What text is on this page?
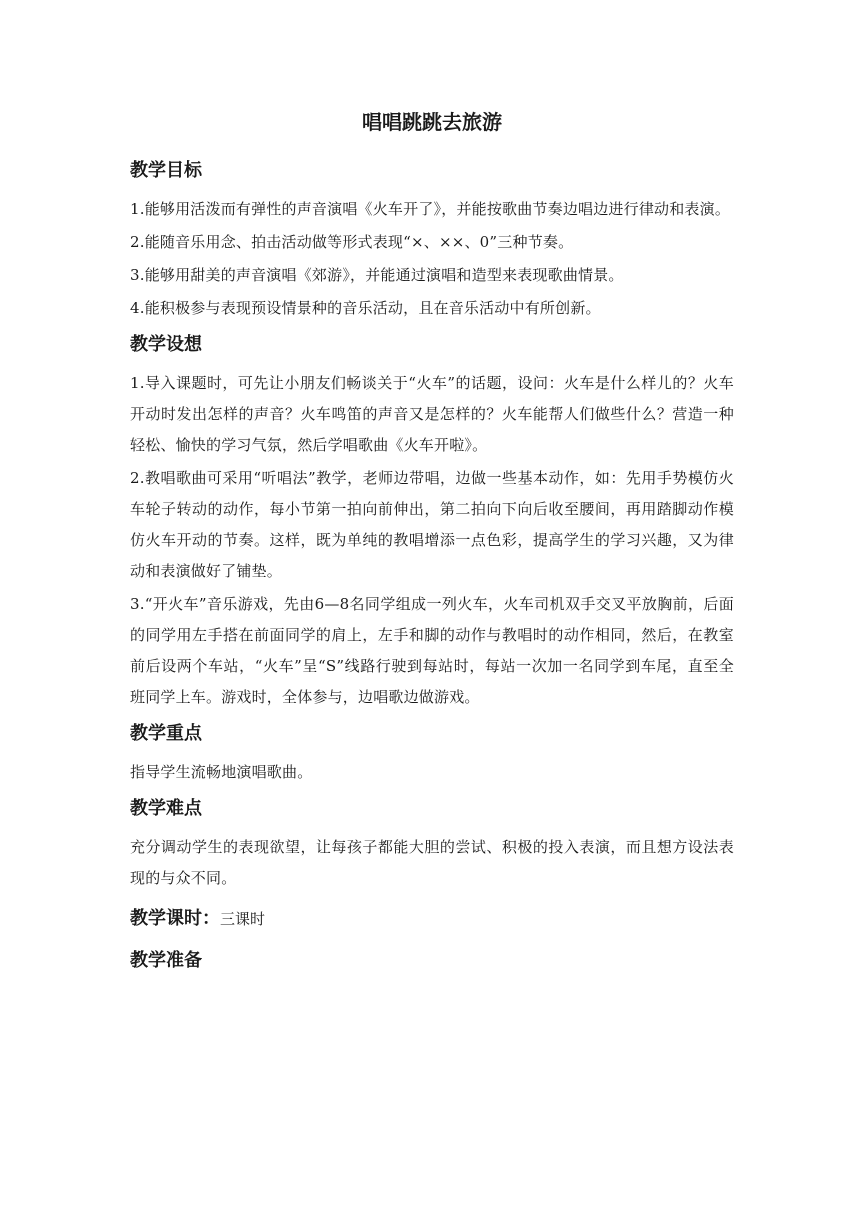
唱唱跳跳去旅游
教学目标
1.能够用活泼而有弹性的声音演唱《火车开了》，并能按歌曲节奏边唱边进行律动和表演。
2.能随音乐用念、拍击活动做等形式表现“×、××、0”三种节奏。
3.能够用甜美的声音演唱《郊游》，并能通过演唱和造型来表现歌曲情景。
4.能积极参与表现预设情景种的音乐活动，且在音乐活动中有所创新。
教学设想
1.导入课题时，可先让小朋友们畅谈关于“火车”的话题，设问：火车是什么样儿的？火车开动时发出怎样的声音？火车鸣笛的声音又是怎样的？火车能帮人们做些什么？营造一种轻松、愉快的学习气氛，然后学唱歌曲《火车开啦》。
2.教唱歌曲可采用“听唱法”教学，老师边带唱，边做一些基本动作，如：先用手势模仿火车轮子转动的动作，每小节第一拍向前伸出，第二拍向下向后收至腰间，再用踏脚动作模仿火车开动的节奏。这样，既为单纯的教唱增添一点色彩，提高学生的学习兴趣，又为律动和表演做好了铺垫。
3.“开火车”音乐游戏，先由6—8名同学组成一列火车，火车司机双手交叉平放胸前，后面的同学用左手搭在前面同学的肩上，左手和脚的动作与教唱时的动作相同，然后，在教室前后设两个车站，“火车”呈“S”线路行驶到每站时，每站一次加一名同学到车尾，直至全班同学上车。游戏时，全体参与，边唱歌边做游戏。
教学重点
指导学生流畅地演唱歌曲。
教学难点
充分调动学生的表现欲望，让每孩子都能大胆的尝试、积极的投入表演，而且想方设法表现的与众不同。
教学课时：三课时
教学准备
